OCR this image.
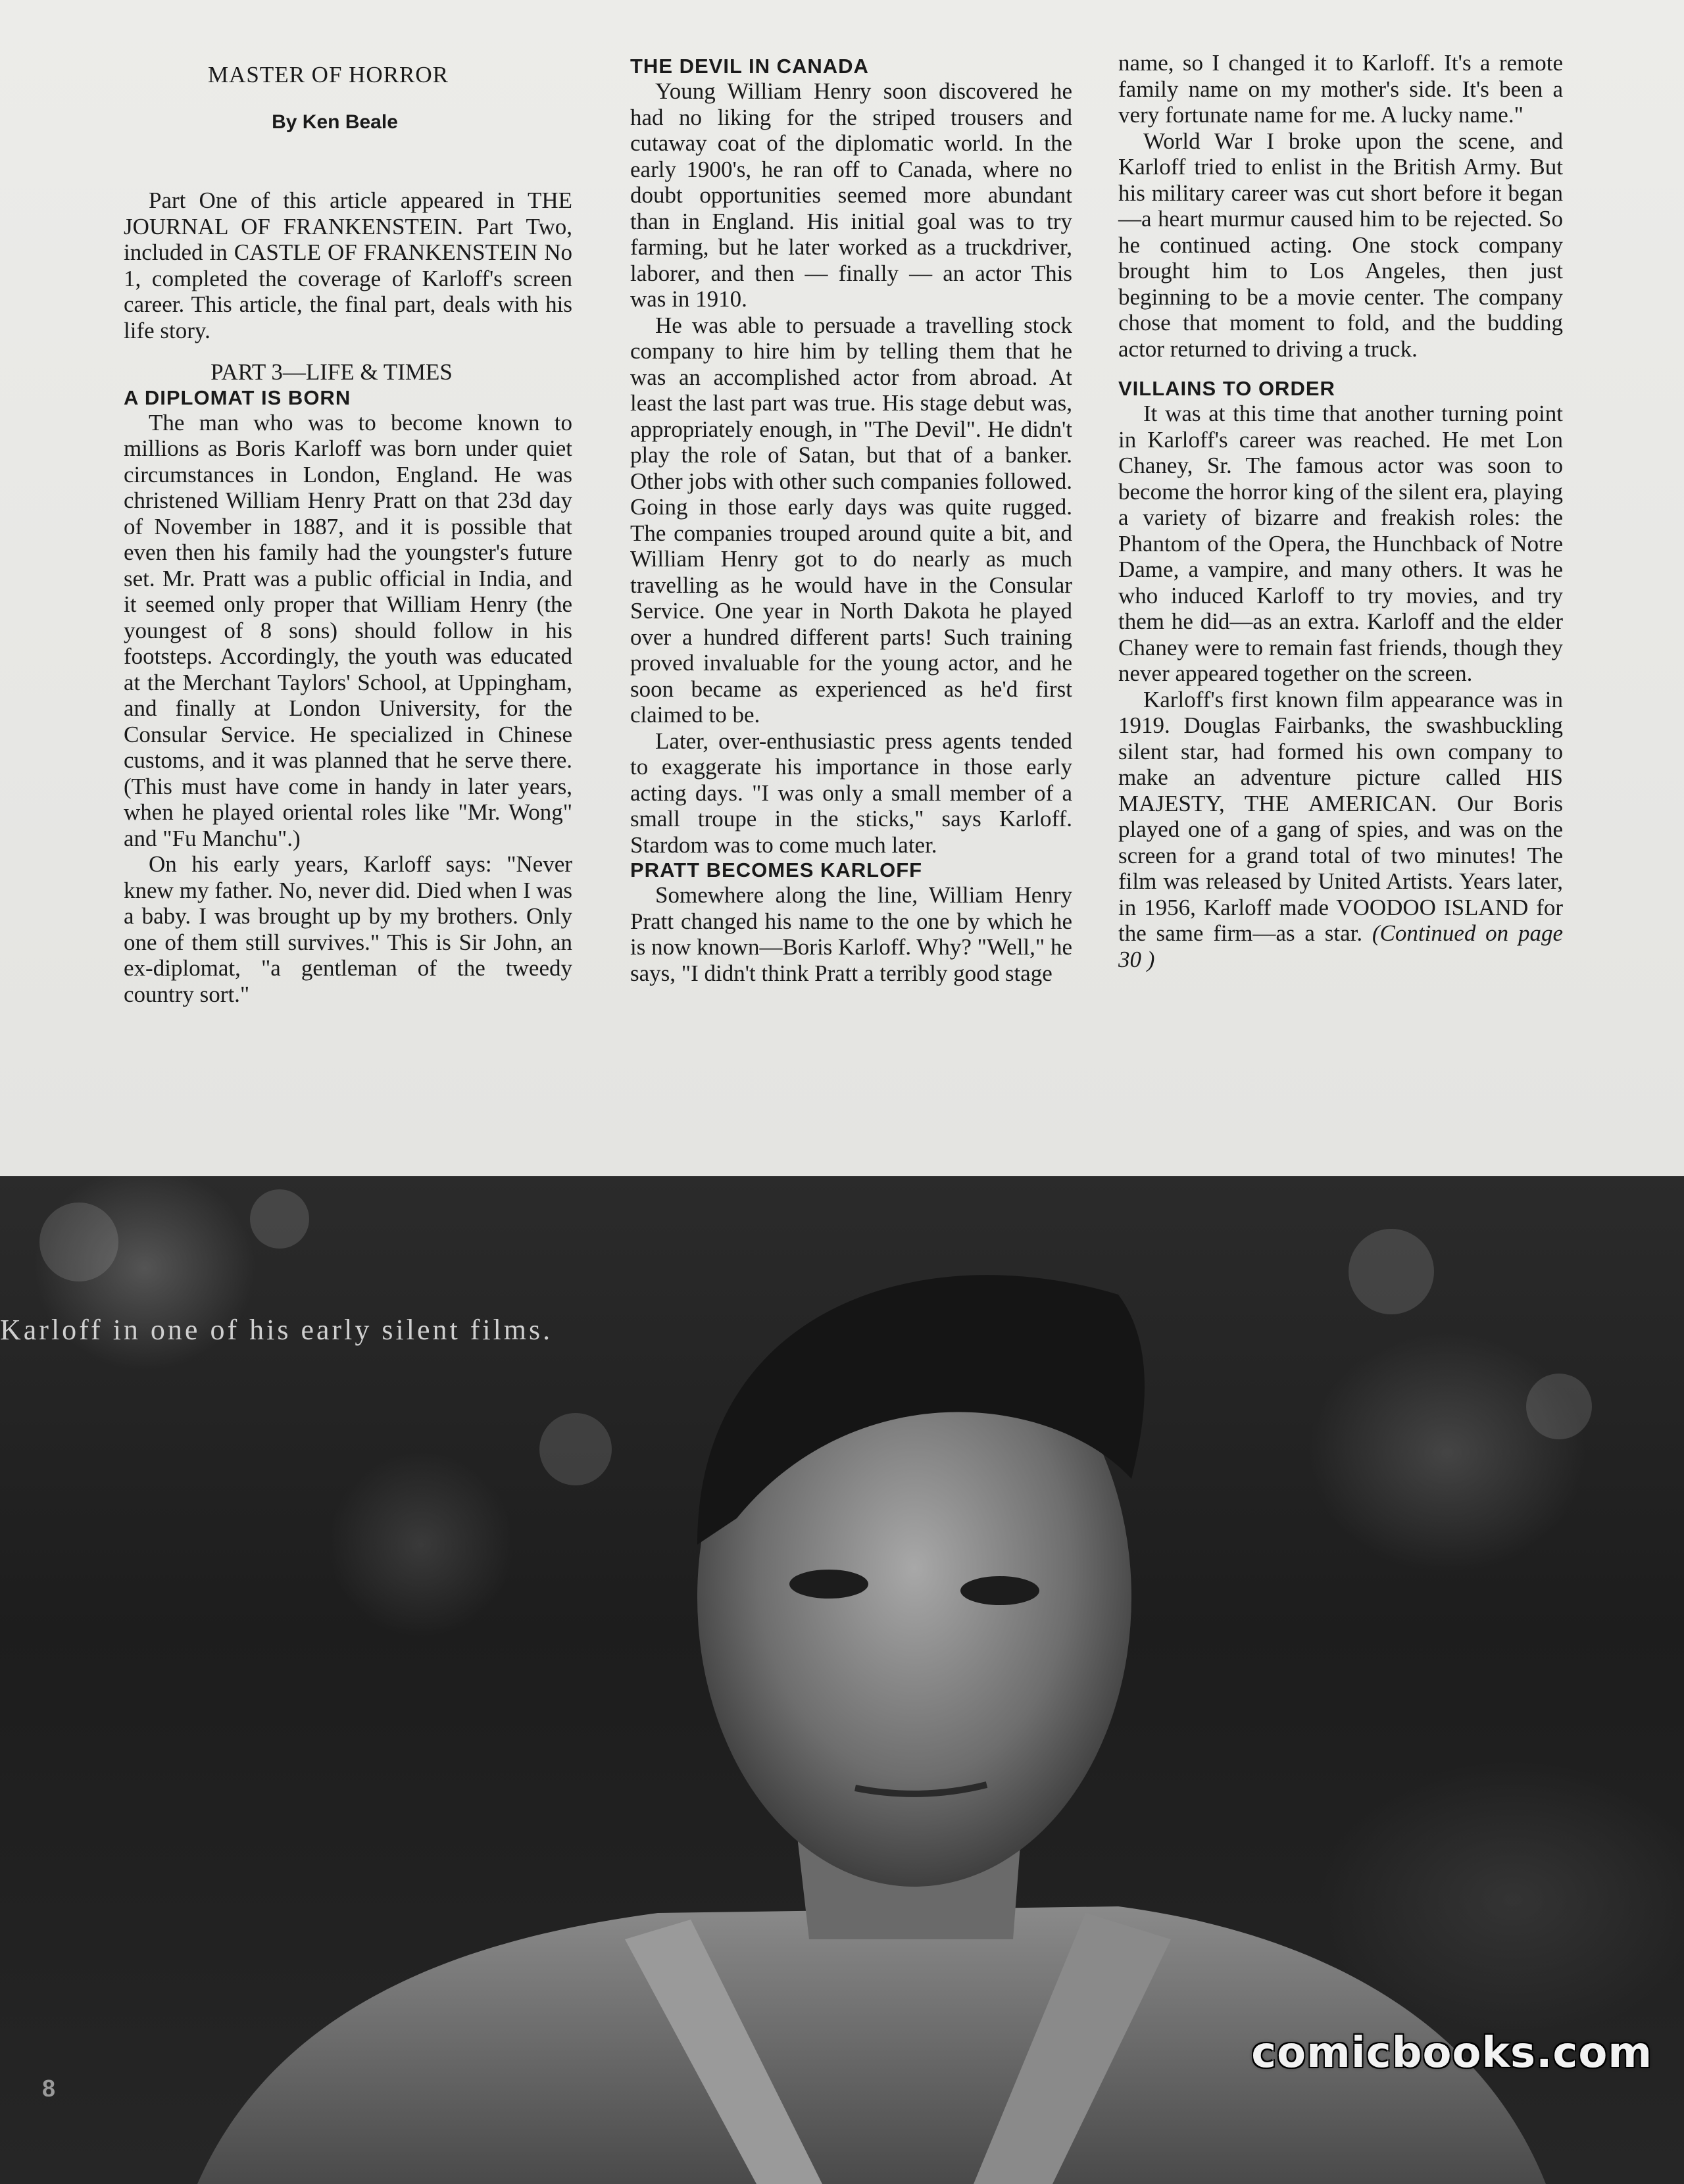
MASTER OF HORROR
By Ken Beale

Part One of this article appeared in THE JOURNAL OF FRANKENSTEIN. Part Two, included in CASTLE OF FRANKENSTEIN No 1, completed the coverage of Karloff's screen career. This article, the final part, deals with his life story.

PART 3—LIFE & TIMES
A DIPLOMAT IS BORN

The man who was to become known to millions as Boris Karloff was born under quiet circumstances in London, England. He was christened William Henry Pratt on that 23d day of November in 1887, and it is possible that even then his family had the youngster's future set. Mr. Pratt was a public official in India, and it seemed only proper that William Henry (the youngest of 8 sons) should follow in his footsteps. Accordingly, the youth was educated at the Merchant Taylors' School, at Uppingham, and finally at London University, for the Consular Service. He specialized in Chinese customs, and it was planned that he serve there. (This must have come in handy in later years, when he played oriental roles like "Mr. Wong" and "Fu Manchu".)

On his early years, Karloff says: "Never knew my father. No, never did. Died when I was a baby. I was brought up by my brothers. Only one of them still survives." This is Sir John, an ex-diplomat, "a gentleman of the tweedy country sort."

THE DEVIL IN CANADA

Young William Henry soon discovered he had no liking for the striped trousers and cutaway coat of the diplomatic world. In the early 1900's, he ran off to Canada, where no doubt opportunities seemed more abundant than in England. His initial goal was to try farming, but he later worked as a truckdriver, laborer, and then — finally — an actor This was in 1910.

He was able to persuade a travelling stock company to hire him by telling them that he was an accomplished actor from abroad. At least the last part was true. His stage debut was, appropriately enough, in "The Devil". He didn't play the role of Satan, but that of a banker. Other jobs with other such companies followed. Going in those early days was quite rugged. The companies trouped around quite a bit, and William Henry got to do nearly as much travelling as he would have in the Consular Service. One year in North Dakota he played over a hundred different parts! Such training proved invaluable for the young actor, and he soon became as experienced as he'd first claimed to be.

Later, over-enthusiastic press agents tended to exaggerate his importance in those early acting days. "I was only a small member of a small troupe in the sticks," says Karloff. Stardom was to come much later.

PRATT BECOMES KARLOFF

Somewhere along the line, William Henry Pratt changed his name to the one by which he is now known—Boris Karloff. Why? "Well," he says, "I didn't think Pratt a terribly good stage

name, so I changed it to Karloff. It's a remote family name on my mother's side. It's been a very fortunate name for me. A lucky name."

World War I broke upon the scene, and Karloff tried to enlist in the British Army. But his military career was cut short before it began—a heart murmur caused him to be rejected. So he continued acting. One stock company brought him to Los Angeles, then just beginning to be a movie center. The company chose that moment to fold, and the budding actor returned to driving a truck.

VILLAINS TO ORDER

It was at this time that another turning point in Karloff's career was reached. He met Lon Chaney, Sr. The famous actor was soon to become the horror king of the silent era, playing a variety of bizarre and freakish roles: the Phantom of the Opera, the Hunchback of Notre Dame, a vampire, and many others. It was he who induced Karloff to try movies, and try them he did—as an extra. Karloff and the elder Chaney were to remain fast friends, though they never appeared together on the screen.

Karloff's first known film appearance was in 1919. Douglas Fairbanks, the swashbuckling silent star, had formed his own company to make an adventure picture called HIS MAJESTY, THE AMERICAN. Our Boris played one of a gang of spies, and was on the screen for a grand total of two minutes! The film was released by United Artists. Years later, in 1956, Karloff made VOODOO ISLAND for the same firm—as a star. (Continued on page 30 )

Karloff in one of his early silent films.
8
comicbooks.com
